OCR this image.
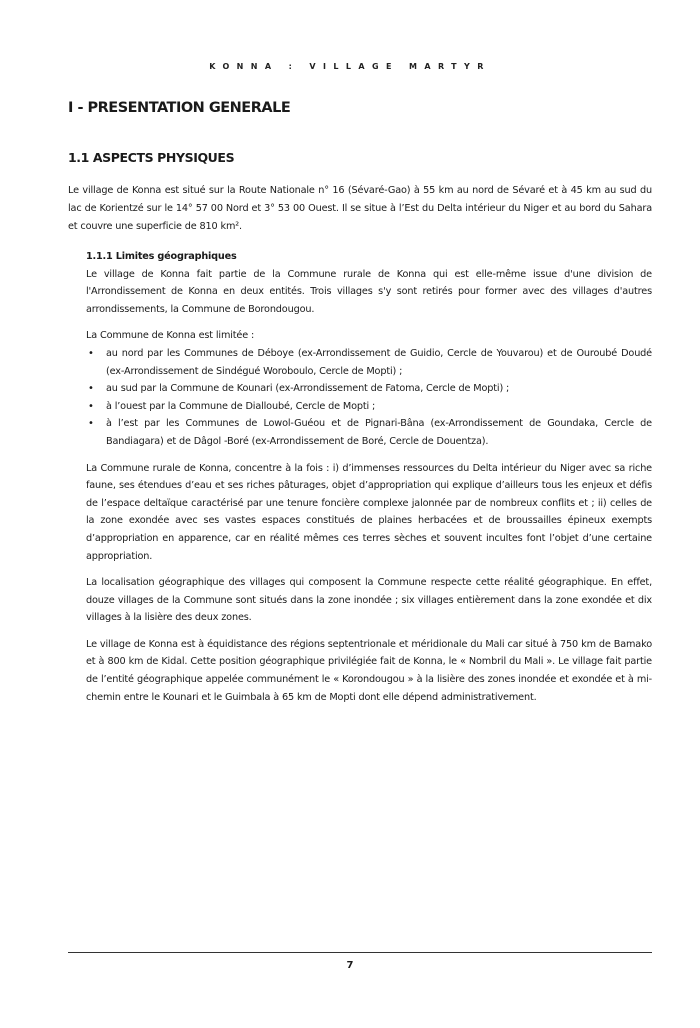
KONNA : VILLAGE MARTYR
I - PRESENTATION GENERALE
1.1 ASPECTS PHYSIQUES

Le village de Konna est situé sur la Route Nationale n° 16 (Sévaré-Gao) à 55 km au nord de Sévaré et à 45 km au sud du lac de Korientzé sur le 14° 57 00 Nord et 3° 53 00 Ouest. Il se situe à l’Est du Delta intérieur du Niger et au bord du Sahara et couvre une superficie de 810 km².

1.1.1 Limites géographiques
Le village de Konna fait partie de la Commune rurale de Konna qui est elle-même issue d'une division de l'Arrondissement de Konna en deux entités. Trois villages s'y sont retirés pour former avec des villages d'autres arrondissements, la Commune de Borondougou.

La Commune de Konna est limitée :

• au nord par les Communes de Déboye (ex-Arrondissement de Guidio, Cercle de Youvarou) et de Ouroubé Doudé (ex-Arrondissement de Sindégué Woroboulo, Cercle de Mopti) ;
• au sud par la Commune de Kounari (ex-Arrondissement de Fatoma, Cercle de Mopti) ;
• à l’ouest par la Commune de Dialloubé, Cercle de Mopti ;
• à l’est par les Communes de Lowol-Guéou et de Pignari-Bâna (ex-Arrondissement de Goundaka, Cercle de Bandiagara) et de Dâgol -Boré (ex-Arrondissement de Boré, Cercle de Douentza).

La Commune rurale de Konna, concentre à la fois : i) d’immenses ressources du Delta intérieur du Niger avec sa riche faune, ses étendues d’eau et ses riches pâturages, objet d’appropriation qui explique d’ailleurs tous les enjeux et défis de l’espace deltaïque caractérisé par une tenure foncière complexe jalonnée par de nombreux conflits et ; ii) celles de la zone exondée avec ses vastes espaces constitués de plaines herbacées et de broussailles épineux exempts d’appropriation en apparence, car en réalité mêmes ces terres sèches et souvent incultes font l’objet d’une certaine appropriation.

La localisation géographique des villages qui composent la Commune respecte cette réalité géographique. En effet, douze villages de la Commune sont situés dans la zone inondée ; six villages entièrement dans la zone exondée et dix villages à la lisière des deux zones.

Le village de Konna est à équidistance des régions septentrionale et méridionale du Mali car situé à 750 km de Bamako et à 800 km de Kidal. Cette position géographique privilégiée fait de Konna, le « Nombril du Mali ». Le village fait partie de l’entité géographique appelée communément le « Korondougou » à la lisière des zones inondée et exondée et à mi-chemin entre le Kounari et le Guimbala à 65 km de Mopti dont elle dépend administrativement.

7
